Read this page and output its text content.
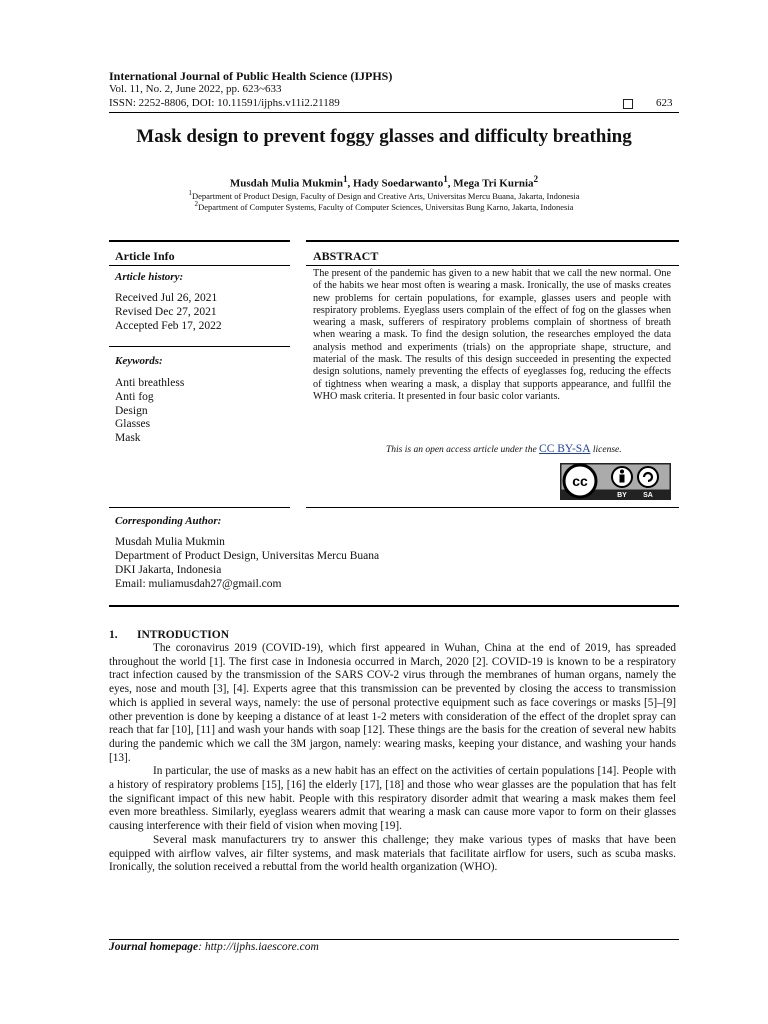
International Journal of Public Health Science (IJPHS)
Vol. 11, No. 2, June 2022, pp. 623~633
ISSN: 2252-8806, DOI: 10.11591/ijphs.v11i2.21189	623
Mask design to prevent foggy glasses and difficulty breathing
Musdah Mulia Mukmin$^1$, Hady Soedarwanto$^1$, Mega Tri Kurnia$^2$
$^1$Department of Product Design, Faculty of Design and Creative Arts, Universitas Mercu Buana, Jakarta, Indonesia
$^2$Department of Computer Systems, Faculty of Computer Sciences, Universitas Bung Karno, Jakarta, Indonesia
Article Info	ABSTRACT
Article history:
Received Jul 26, 2021
Revised Dec 27, 2021
Accepted Feb 17, 2022
Keywords:
Anti breathless
Anti fog
Design
Glasses
Mask

The present of the pandemic has given to a new habit that we call the new normal. One of the habits we hear most often is wearing a mask. Ironically, the use of masks creates new problems for certain populations, for example, glasses users and people with respiratory problems. Eyeglass users complain of the effect of fog on the glasses when wearing a mask, sufferers of respiratory problems complain of shortness of breath when wearing a mask. To find the design solution, the researches employed the data analysis method and experiments (trials) on the appropriate shape, structure, and material of the mask. The results of this design succeeded in presenting the expected design solutions, namely preventing the effects of eyeglasses fog, reducing the effects of tightness when wearing a mask, a display that supports appearance, and fullfil the WHO mask criteria. It presented in four basic color variants.

This is an open access article under the CC BY-SA license.
cc
BY SA
Corresponding Author:
Musdah Mulia Mukmin
Department of Product Design, Universitas Mercu Buana
DKI Jakarta, Indonesia
Email: muliamusdah27@gmail.com
1. INTRODUCTION

The coronavirus 2019 (COVID-19), which first appeared in Wuhan, China at the end of 2019, has spreaded throughout the world [1]. The first case in Indonesia occurred in March, 2020 [2]. COVID-19 is known to be a respiratory tract infection caused by the transmission of the SARS COV-2 virus through the membranes of human organs, namely the eyes, nose and mouth [3], [4]. Experts agree that this transmission can be prevented by closing the access to transmission which is applied in several ways, namely: the use of personal protective equipment such as face coverings or masks [5]–[9] other prevention is done by keeping a distance of at least 1-2 meters with consideration of the effect of the droplet spray can reach that far [10], [11] and wash your hands with soap [12]. These things are the basis for the creation of several new habits during the pandemic which we call the 3M jargon, namely: wearing masks, keeping your distance, and washing your hands [13].

In particular, the use of masks as a new habit has an effect on the activities of certain populations [14]. People with a history of respiratory problems [15], [16] the elderly [17], [18] and those who wear glasses are the population that has felt the significant impact of this new habit. People with this respiratory disorder admit that wearing a mask makes them feel even more breathless. Similarly, eyeglass wearers admit that wearing a mask can cause more vapor to form on their glasses causing interference with their field of vision when moving [19].

Several mask manufacturers try to answer this challenge; they make various types of masks that have been equipped with airflow valves, air filter systems, and mask materials that facilitate airflow for users, such as scuba masks. Ironically, the solution received a rebuttal from the world health organization (WHO).

Journal homepage: http://ijphs.iaescore.com
